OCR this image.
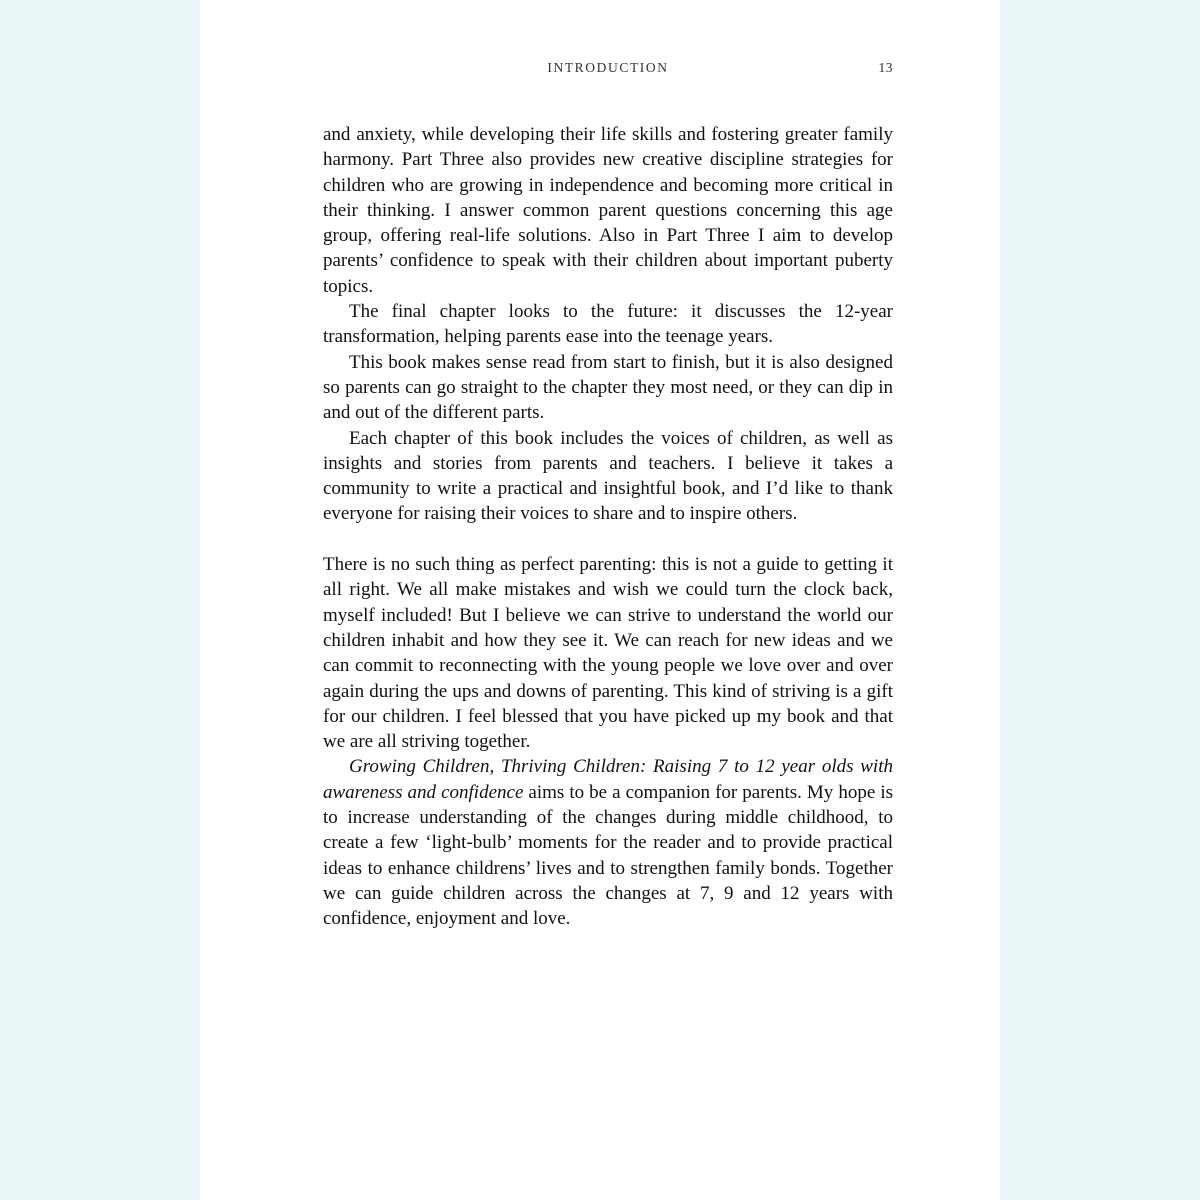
INTRODUCTION	13

and anxiety, while developing their life skills and fostering greater family harmony. Part Three also provides new creative discipline strategies for children who are growing in independence and becoming more critical in their thinking. I answer common parent questions concerning this age group, offering real-life solutions. Also in Part Three I aim to develop parents’ confidence to speak with their children about important puberty topics.

The final chapter looks to the future: it discusses the 12-year transformation, helping parents ease into the teenage years.

This book makes sense read from start to finish, but it is also designed so parents can go straight to the chapter they most need, or they can dip in and out of the different parts.

Each chapter of this book includes the voices of children, as well as insights and stories from parents and teachers. I believe it takes a community to write a practical and insightful book, and I’d like to thank everyone for raising their voices to share and to inspire others.

There is no such thing as perfect parenting: this is not a guide to getting it all right. We all make mistakes and wish we could turn the clock back, myself included! But I believe we can strive to understand the world our children inhabit and how they see it. We can reach for new ideas and we can commit to reconnecting with the young people we love over and over again during the ups and downs of parenting. This kind of striving is a gift for our children. I feel blessed that you have picked up my book and that we are all striving together.

Growing Children, Thriving Children: Raising 7 to 12 year olds with awareness and confidence aims to be a companion for parents. My hope is to increase understanding of the changes during middle childhood, to create a few ‘light-bulb’ moments for the reader and to provide practical ideas to enhance childrens’ lives and to strengthen family bonds. Together we can guide children across the changes at 7, 9 and 12 years with confidence, enjoyment and love.
